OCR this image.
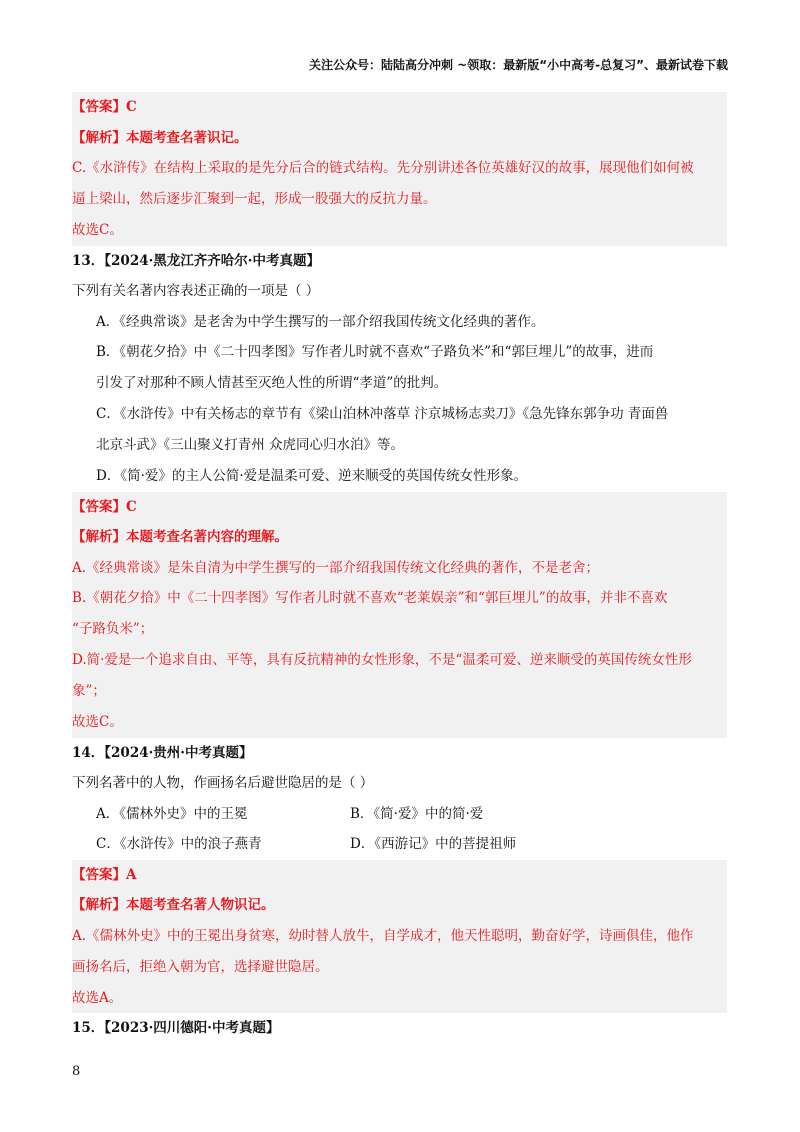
关注公众号：陆陆高分冲刺 ~领取：最新版“小中高考-总复习”、最新试卷下载
【答案】C
【解析】本题考查名著识记。
C.《水浒传》在结构上采取的是先分后合的链式结构。先分别讲述各位英雄好汉的故事，展现他们如何被
逼上梁山，然后逐步汇聚到一起，形成一股强大的反抗力量。
故选C。
13．【2024·黑龙江齐齐哈尔·中考真题】
下列有关名著内容表述正确的一项是（ ）
A．《经典常谈》是老舍为中学生撰写的一部介绍我国传统文化经典的著作。
B．《朝花夕拾》中《二十四孝图》写作者儿时就不喜欢“子路负米”和“郭巨埋儿”的故事，进而
引发了对那种不顾人情甚至灭绝人性的所谓“孝道”的批判。
C．《水浒传》中有关杨志的章节有《梁山泊林冲落草 汴京城杨志卖刀》《急先锋东郭争功 青面兽
北京斗武》《三山聚义打青州 众虎同心归水泊》等。
D．《简·爱》的主人公简·爱是温柔可爱、逆来顺受的英国传统女性形象。
【答案】C
【解析】本题考查名著内容的理解。
A.《经典常谈》是朱自清为中学生撰写的一部介绍我国传统文化经典的著作，不是老舍；
B.《朝花夕拾》中《二十四孝图》写作者儿时就不喜欢“老莱娱亲”和“郭巨埋儿”的故事，并非不喜欢
“子路负米”；
D.简·爱是一个追求自由、平等，具有反抗精神的女性形象，不是“温柔可爱、逆来顺受的英国传统女性形
象”；
故选C。
14．【2024·贵州·中考真题】
下列名著中的人物，作画扬名后避世隐居的是（ ）
A．《儒林外史》中的王冕	B．《简·爱》中的简·爱
C．《水浒传》中的浪子燕青	D．《西游记》中的菩提祖师
【答案】A
【解析】本题考查名著人物识记。
A.《儒林外史》中的王冕出身贫寒，幼时替人放牛，自学成才，他天性聪明，勤奋好学，诗画俱佳，他作
画扬名后，拒绝入朝为官，选择避世隐居。
故选A。
15．【2023·四川德阳·中考真题】
8
